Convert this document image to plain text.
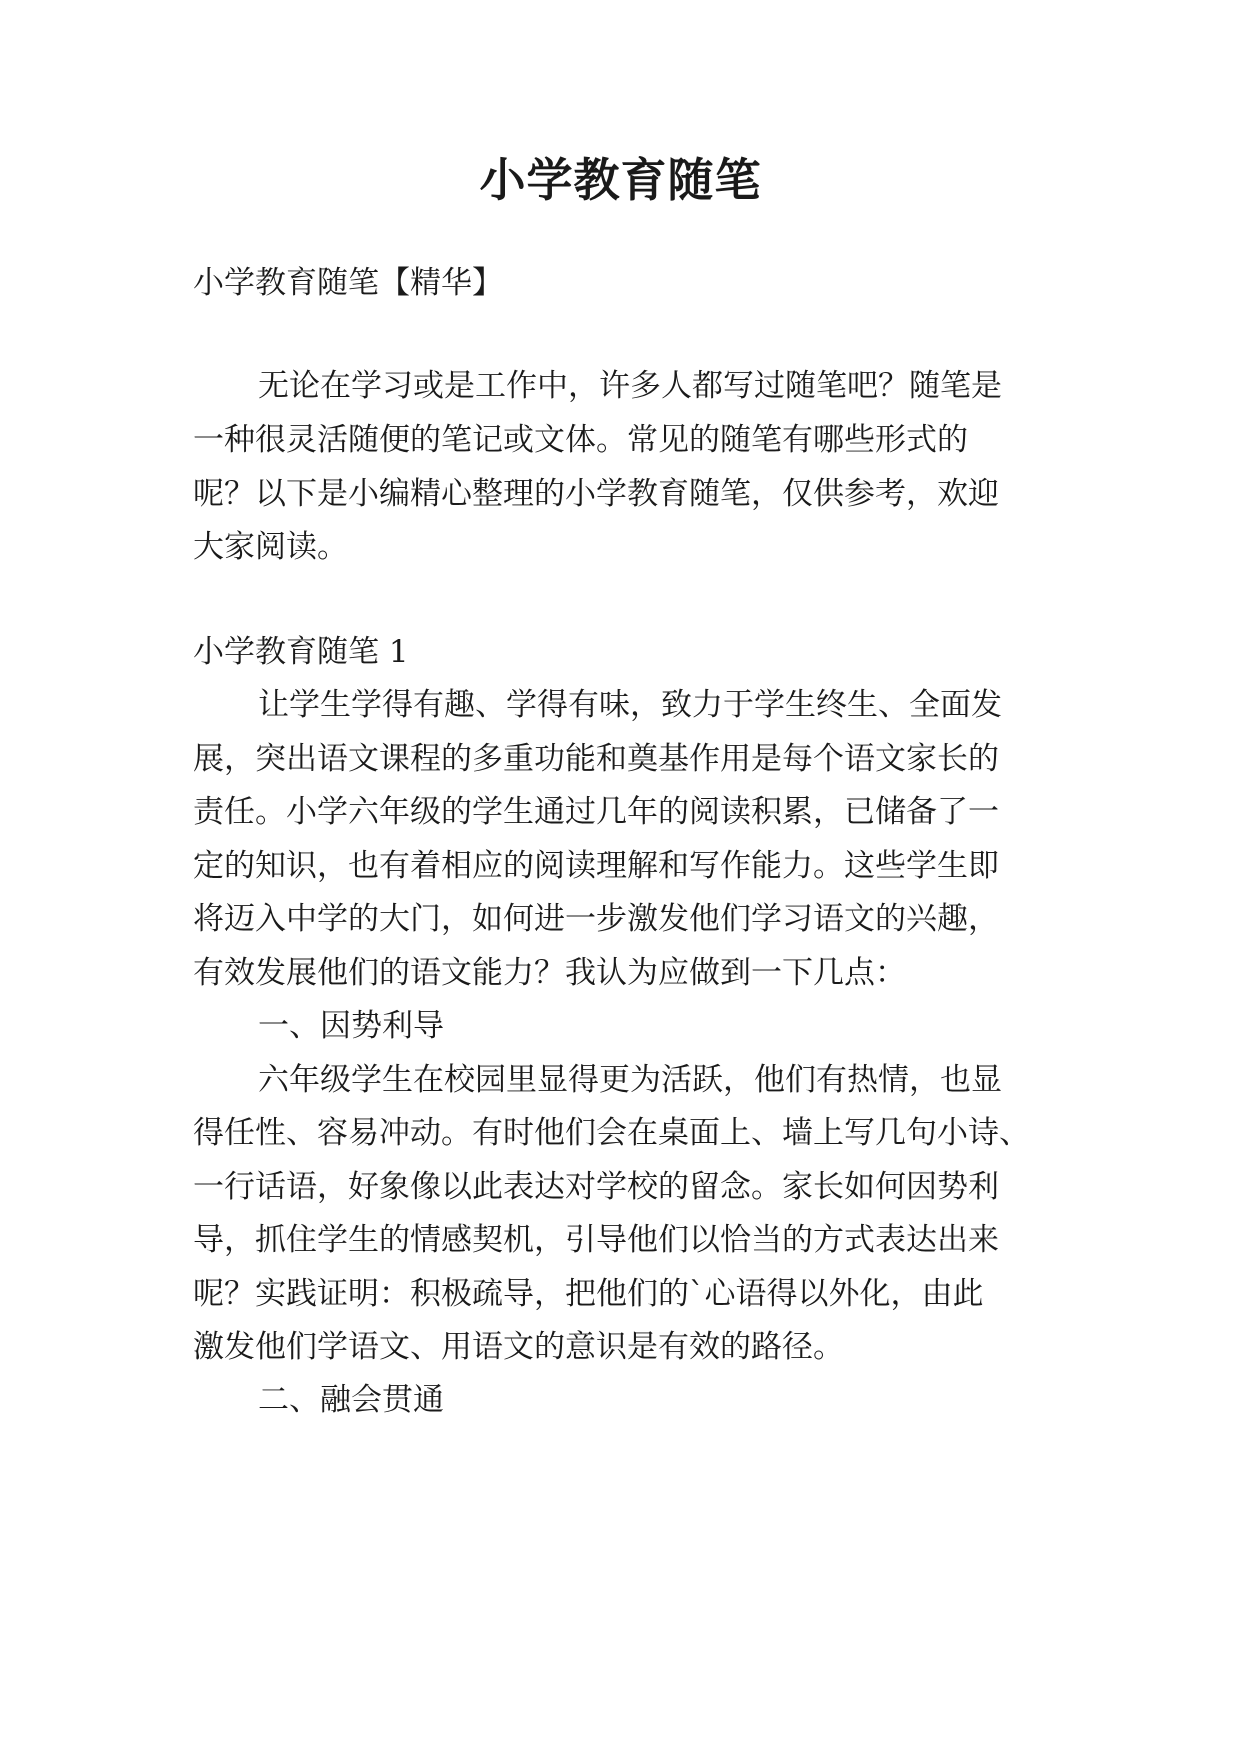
小学教育随笔

小学教育随笔【精华】

无论在学习或是工作中，许多人都写过随笔吧？随笔是

一种很灵活随便的笔记或文体。常见的随笔有哪些形式的

呢？以下是小编精心整理的小学教育随笔，仅供参考，欢迎

大家阅读。

小学教育随笔 1

让学生学得有趣、学得有味，致力于学生终生、全面发

展，突出语文课程的多重功能和奠基作用是每个语文家长的

责任。小学六年级的学生通过几年的阅读积累，已储备了一

定的知识，也有着相应的阅读理解和写作能力。这些学生即

将迈入中学的大门，如何进一步激发他们学习语文的兴趣，

有效发展他们的语文能力？我认为应做到一下几点：

一、因势利导

六年级学生在校园里显得更为活跃，他们有热情，也显

得任性、容易冲动。有时他们会在桌面上、墙上写几句小诗、

一行话语，好象像以此表达对学校的留念。家长如何因势利

导，抓住学生的情感契机，引导他们以恰当的方式表达出来

呢？实践证明：积极疏导，把他们的`心语得以外化，由此

激发他们学语文、用语文的意识是有效的路径。

二、融会贯通
